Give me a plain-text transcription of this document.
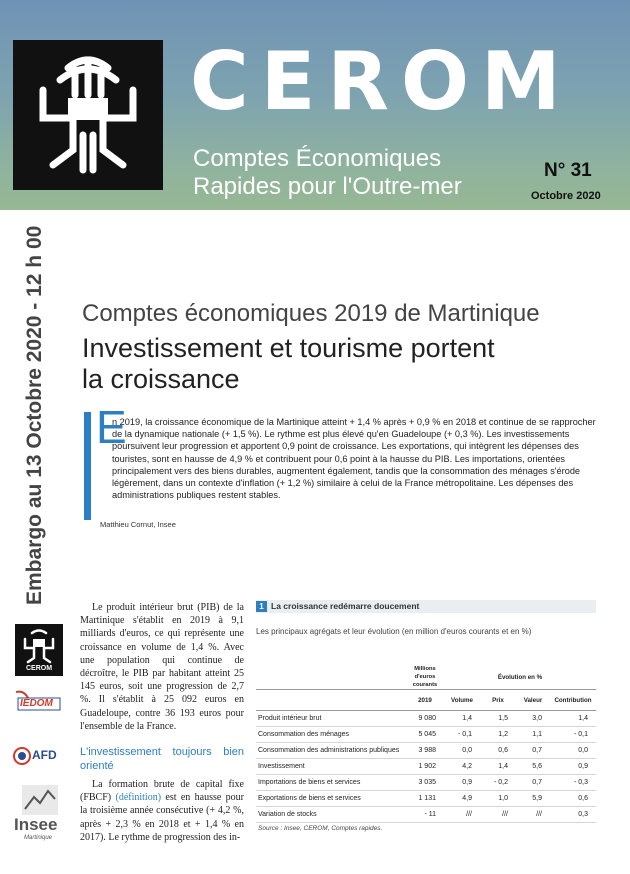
CEROM
Comptes Économiques
Rapides pour l'Outre-mer
N° 31
Octobre 2020
Embargo au 13 Octobre 2020 - 12 h 00 Comptes économiques 2019 de Martinique
Investissement et tourisme portent la croissance
E
n 2019, la croissance économique de la Martinique atteint + 1,4 % après + 0,9 % en 2018 et continue de se rapprocher de la dynamique nationale (+ 1,5 %). Le rythme est plus élevé qu'en Guadeloupe (+ 0,3 %). Les investissements poursuivent leur progression et apportent 0,9 point de croissance. Les exportations, qui intègrent les dépenses des touristes, sont en hausse de 4,9 % et contribuent pour 0,6 point à la hausse du PIB. Les importations, orientées principalement vers des biens durables, augmentent également, tandis que la consommation des ménages s'érode légèrement, dans un contexte d'inflation (+ 1,2 %) similaire à celui de la France métropolitaine. Les dépenses des administrations publiques restent stables.
Matthieu Cornut, Insee
CEROM
IEDOM
AFD
Insee
Martinique

Le produit intérieur brut (PIB) de la Martinique s'établit en 2019 à 9,1 milliards d'euros, ce qui représente une croissance en volume de 1,4 %. Avec une population qui continue de décroître, le PIB par habitant atteint 25 145 euros, soit une progression de 2,7 %. Il s'établit à 25 092 euros en Guadeloupe, contre 36 193 euros pour l'ensemble de la France.

L'investissement toujours bien orienté

La formation brute de capital fixe (FBCF) (définition) est en hausse pour la troisième année consécutive (+ 4,2 %, après + 2,3 % en 2018 et + 1,4 % en 2017). Le rythme de progression des in-

1 La croissance redémarre doucement
Les principaux agrégats et leur évolution (en million d'euros courants et en %)
	Millions d'euros courants	Évolution en %			
	2019	Volume	Prix	Valeur	Contribution
Produit intérieur brut	9 080	1,4	1,5	3,0	1,4
Consommation des ménages	5 045	- 0,1	1,2	1,1	- 0,1
Consommation des administrations publiques	3 988	0,0	0,6	0,7	0,0
Investissement	1 902	4,2	1,4	5,6	0,9
Importations de biens et services	3 035	0,9	- 0,2	0,7	- 0,3
Exportations de biens et services	1 131	4,9	1,0	5,9	0,6
Variation de stocks	- 11	///	///	///	0,3
Source : Insee, CEROM, Comptes rapides.
